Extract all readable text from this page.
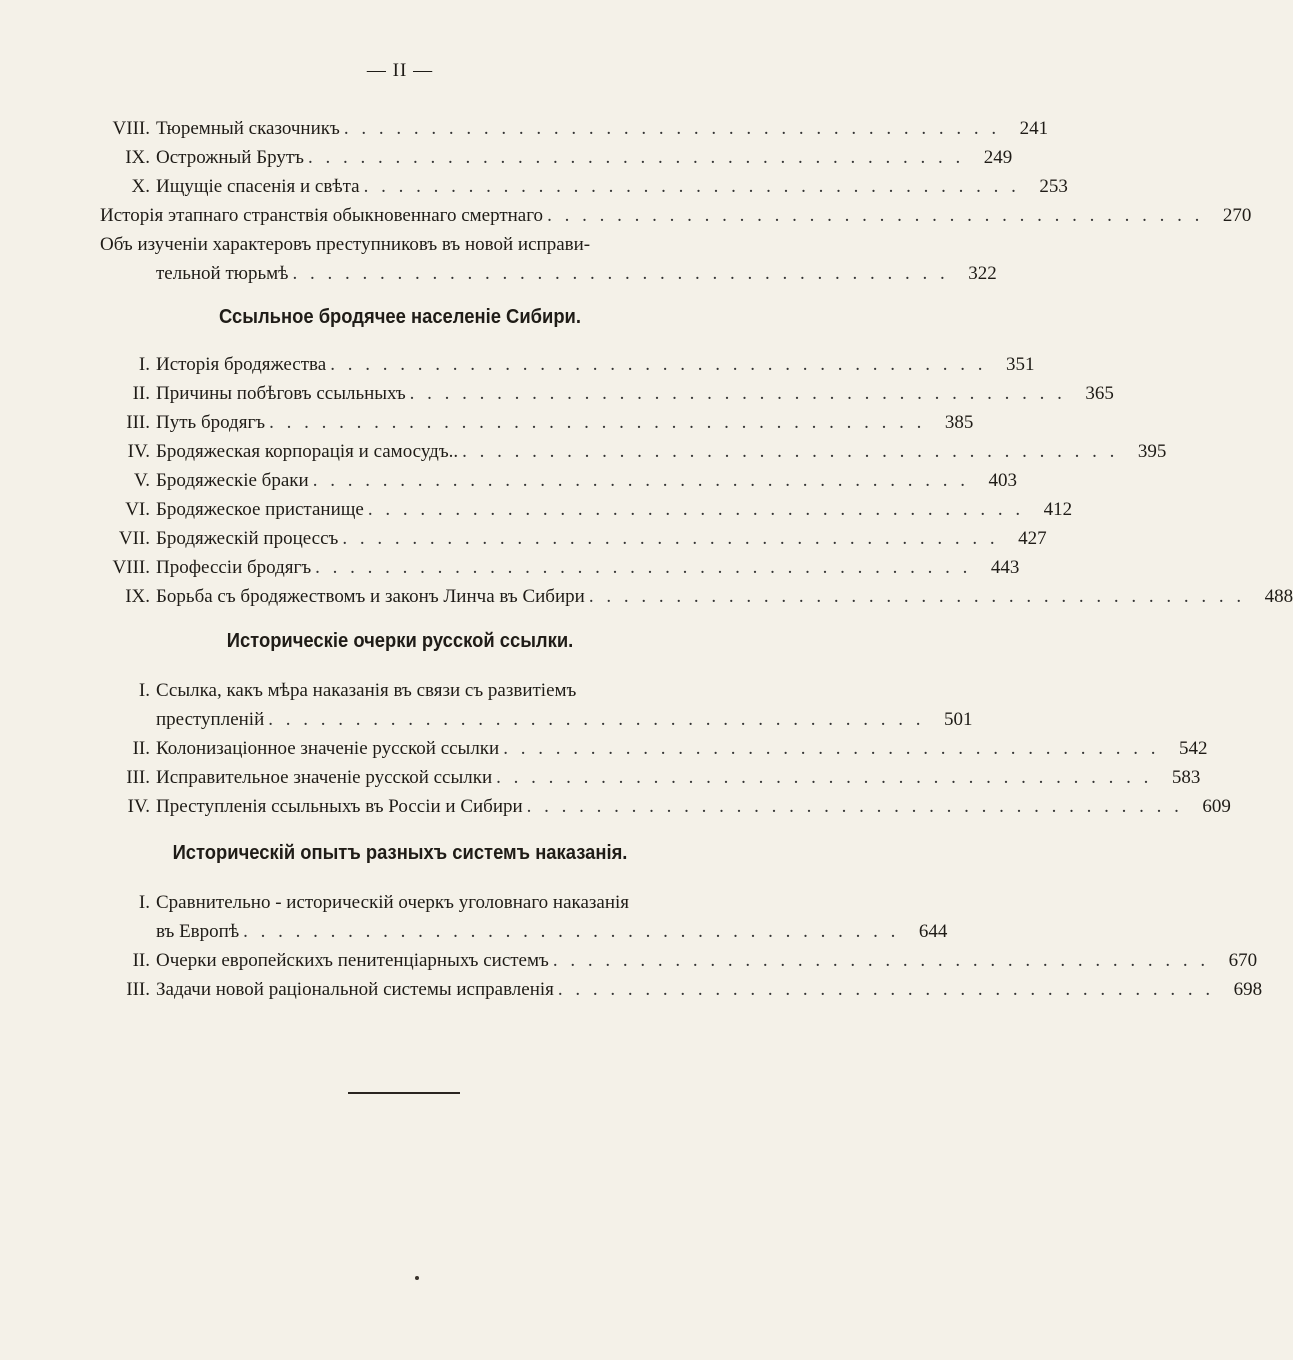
— II —
VIII. Тюремный сказочникъ . . . . . . . . . . . . . . . . . . . . . . . . . . . . . . . . . . . . . .	241
IX. Острожный Брутъ . . . . . . . . . . . . . . . . . . . . . . . . . . . . . . . . . . . . . .	249
X. Ищущіе спасенія и свѣта . . . . . . . . . . . . . . . . . . . . . . . . . . . . . . . . . . . . . .	253
Исторія этапнаго странствія обыкновеннаго смертнаго . . . . . . . . . . . . . . . . . . . . . . . . . . . . . . . . . . . . . .	270
Объ изученіи характеровъ преступниковъ въ новой исправи-
тельной тюрьмѣ . . . . . . . . . . . . . . . . . . . . . . . . . . . . . . . . . . . . . .	322
Ссыльное бродячее населеніе Сибири.
I. Исторія бродяжества . . . . . . . . . . . . . . . . . . . . . . . . . . . . . . . . . . . . . .	351
II. Причины побѣговъ ссыльныхъ . . . . . . . . . . . . . . . . . . . . . . . . . . . . . . . . . . . . . .	365
III. Путь бродягъ . . . . . . . . . . . . . . . . . . . . . . . . . . . . . . . . . . . . . .	385
IV. Бродяжеская корпорація и самосудъ.. . . . . . . . . . . . . . . . . . . . . . . . . . . . . . . . . . . . . . .	395
V. Бродяжескіе браки . . . . . . . . . . . . . . . . . . . . . . . . . . . . . . . . . . . . . .	403
VI. Бродяжеское пристанище . . . . . . . . . . . . . . . . . . . . . . . . . . . . . . . . . . . . . .	412
VII. Бродяжескій процессъ . . . . . . . . . . . . . . . . . . . . . . . . . . . . . . . . . . . . . .	427
VIII. Профессіи бродягъ . . . . . . . . . . . . . . . . . . . . . . . . . . . . . . . . . . . . . .	443
IX. Борьба съ бродяжествомъ и законъ Линча въ Сибири . . . . . . . . . . . . . . . . . . . . . . . . . . . . . . . . . . . . . .	488
Историческіе очерки русской ссылки.
I. Ссылка, какъ мѣра наказанія въ связи съ развитіемъ
преступленій . . . . . . . . . . . . . . . . . . . . . . . . . . . . . . . . . . . . . .	501
II. Колонизаціонное значеніе русской ссылки . . . . . . . . . . . . . . . . . . . . . . . . . . . . . . . . . . . . . .	542
III. Исправительное значеніе русской ссылки . . . . . . . . . . . . . . . . . . . . . . . . . . . . . . . . . . . . . .	583
IV. Преступленія ссыльныхъ въ Россіи и Сибири . . . . . . . . . . . . . . . . . . . . . . . . . . . . . . . . . . . . . .	609
Историческій опытъ разныхъ системъ наказанія.
I. Сравнительно - историческій очеркъ уголовнаго наказанія
въ Европѣ . . . . . . . . . . . . . . . . . . . . . . . . . . . . . . . . . . . . . .	644
II. Очерки европейскихъ пенитенціарныхъ системъ . . . . . . . . . . . . . . . . . . . . . . . . . . . . . . . . . . . . . .	670
III. Задачи новой раціональной системы исправленія . . . . . . . . . . . . . . . . . . . . . . . . . . . . . . . . . . . . . .	698
